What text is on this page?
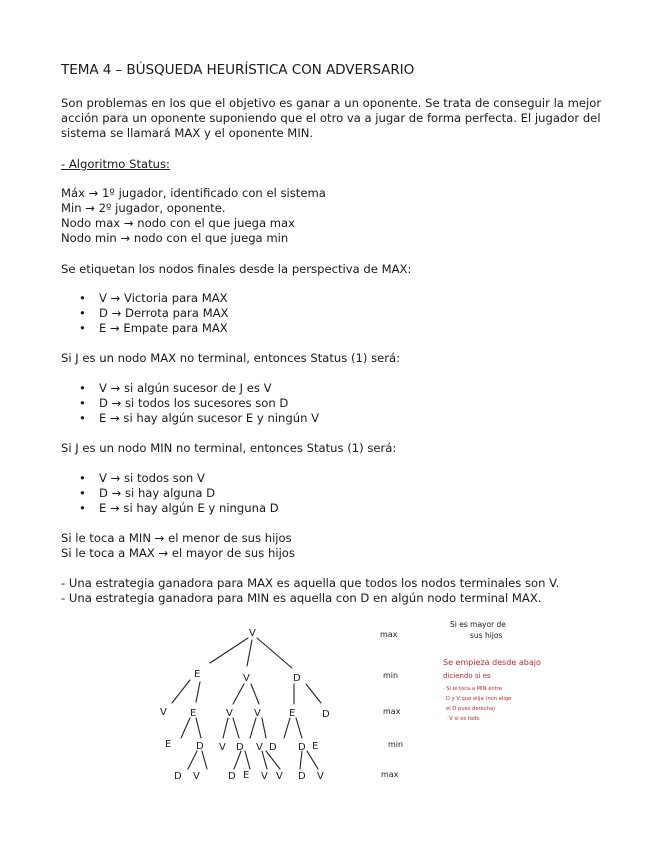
TEMA 4 – BÚSQUEDA HEURÍSTICA CON ADVERSARIO
Son problemas en los que el objetivo es ganar a un oponente. Se trata de conseguir la mejor acción para un oponente suponiendo que el otro va a jugar de forma perfecta. El jugador del sistema se llamará MAX y el oponente MIN.
- Algoritmo Status:
Máx → 1º jugador, identificado con el sistema
Min → 2º jugador, oponente.
Nodo max → nodo con el que juega max
Nodo min → nodo con el que juega min
Se etiquetan los nodos finales desde la perspectiva de MAX:
• V → Victoria para MAX
• D → Derrota para MAX
• E → Empate para MAX
Si J es un nodo MAX no terminal, entonces Status (1) será:
• V → si algún sucesor de J es V
• D → si todos los sucesores son D
• E → si hay algún sucesor E y ningún V
Si J es un nodo MIN no terminal, entonces Status (1) será:
• V → si todos son V
• D → si hay alguna D
• E → si hay algún E y ninguna D
Si le toca a MIN → el menor de sus hijos
Si le toca a MAX → el mayor de sus hijos
- Una estrategia ganadora para MAX es aquella que todos los nodos terminales son V.
- Una estrategia ganadora para MIN es aquella con D en algún nodo terminal MAX.
V
E	V	D
V E	V V	E	D
E D V D V D D E
D V	D E V V D V
max
min
max
min
max
Si es mayor de
sus hijos
Se empieza desde abajo
diciendo si es
· Si le toca a MIN entre
D y V que elija (min elige
el D pues derecha)
· V si es todo
